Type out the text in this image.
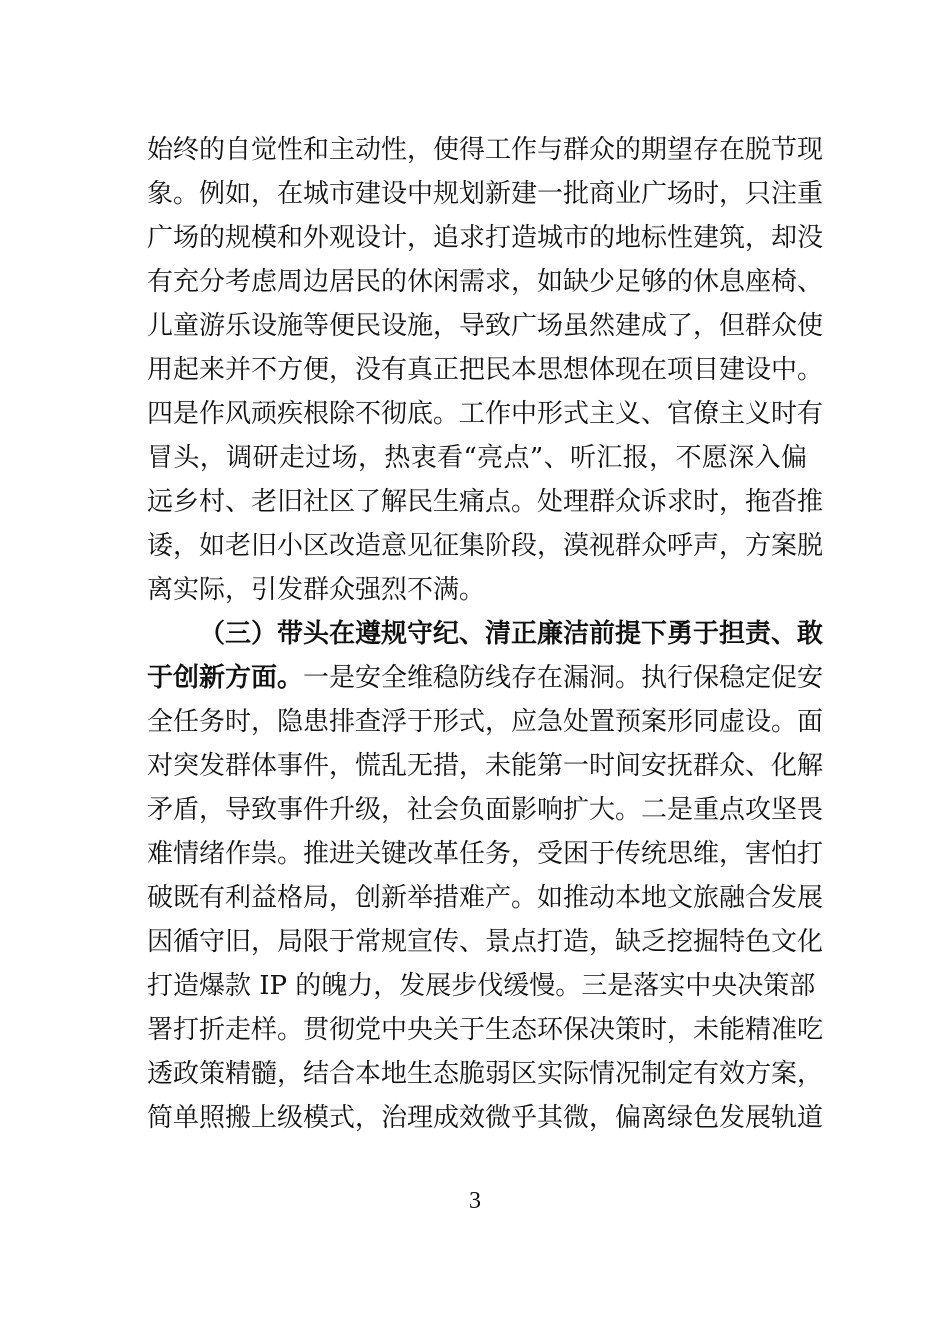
始终的自觉性和主动性，使得工作与群众的期望存在脱节现
象。例如，在城市建设中规划新建一批商业广场时，只注重
广场的规模和外观设计，追求打造城市的地标性建筑，却没
有充分考虑周边居民的休闲需求，如缺少足够的休息座椅、
儿童游乐设施等便民设施，导致广场虽然建成了，但群众使
用起来并不方便，没有真正把民本思想体现在项目建设中。
四是作风顽疾根除不彻底。工作中形式主义、官僚主义时有
冒头，调研走过场，热衷看“亮点”、听汇报，不愿深入偏
远乡村、老旧社区了解民生痛点。处理群众诉求时，拖沓推
诿，如老旧小区改造意见征集阶段，漠视群众呼声，方案脱
离实际，引发群众强烈不满。
（三）带头在遵规守纪、清正廉洁前提下勇于担责、敢
于创新方面。一是安全维稳防线存在漏洞。执行保稳定促安
全任务时，隐患排查浮于形式，应急处置预案形同虚设。面
对突发群体事件，慌乱无措，未能第一时间安抚群众、化解
矛盾，导致事件升级，社会负面影响扩大。二是重点攻坚畏
难情绪作祟。推进关键改革任务，受困于传统思维，害怕打
破既有利益格局，创新举措难产。如推动本地文旅融合发展
因循守旧，局限于常规宣传、景点打造，缺乏挖掘特色文化
打造爆款 IP 的魄力，发展步伐缓慢。三是落实中央决策部
署打折走样。贯彻党中央关于生态环保决策时，未能精准吃
透政策精髓，结合本地生态脆弱区实际情况制定有效方案，
简单照搬上级模式，治理成效微乎其微，偏离绿色发展轨道
3
